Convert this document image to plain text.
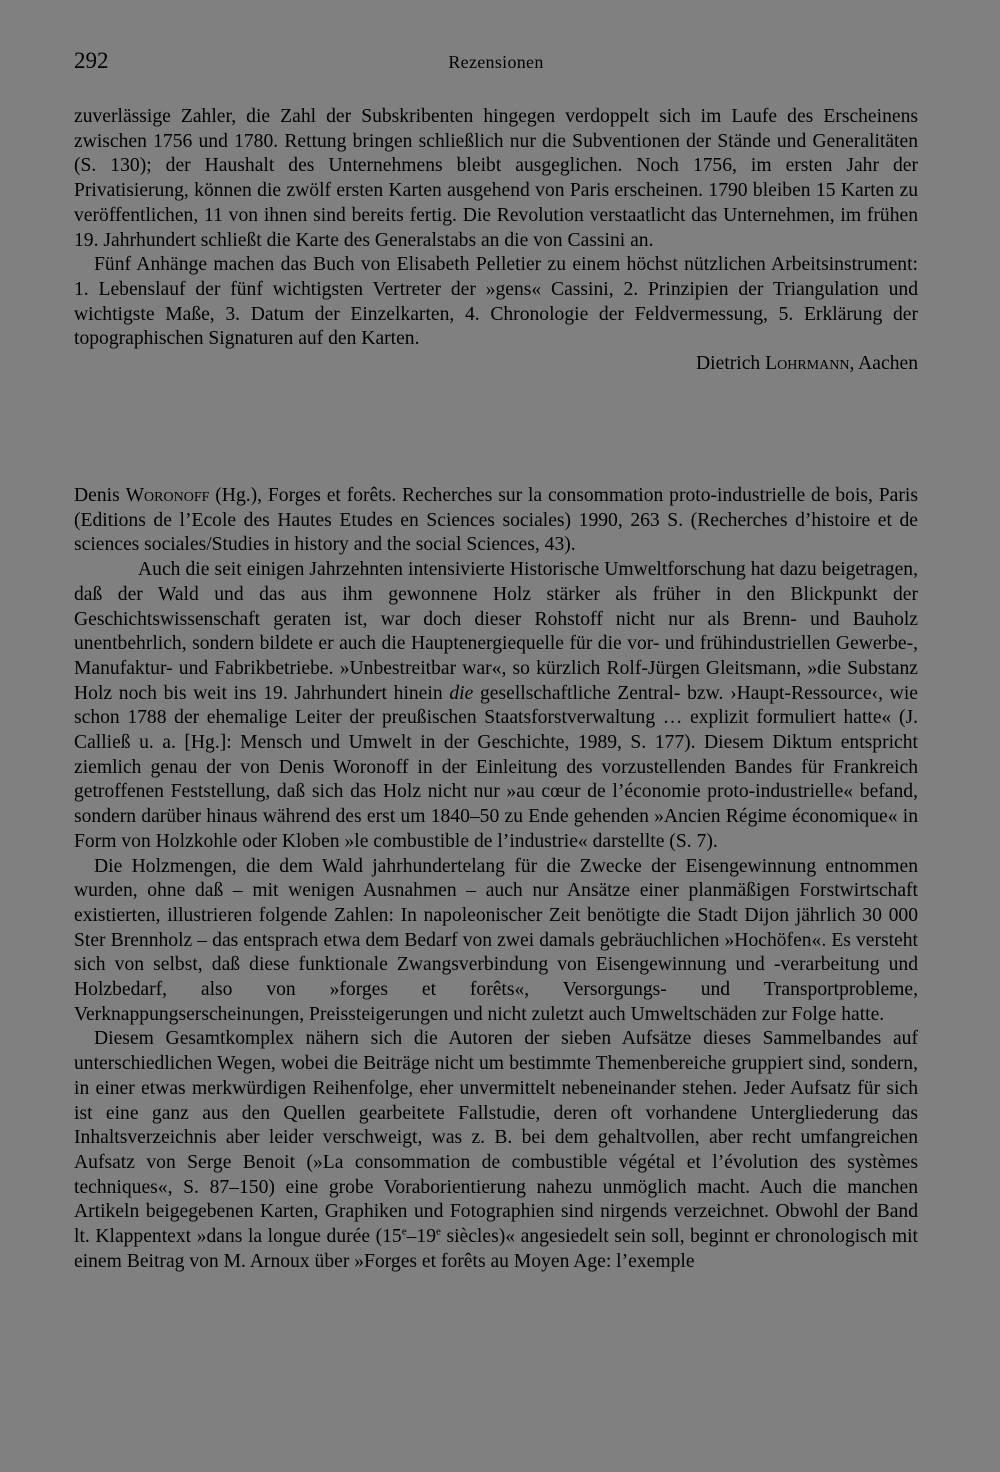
292	Rezensionen

zuverlässige Zahler, die Zahl der Subskribenten hingegen verdoppelt sich im Laufe des Erscheinens zwischen 1756 und 1780. Rettung bringen schließlich nur die Subventionen der Stände und Generalitäten (S. 130); der Haushalt des Unternehmens bleibt ausgeglichen. Noch 1756, im ersten Jahr der Privatisierung, können die zwölf ersten Karten ausgehend von Paris erscheinen. 1790 bleiben 15 Karten zu veröffentlichen, 11 von ihnen sind bereits fertig. Die Revolution verstaatlicht das Unternehmen, im frühen 19. Jahrhundert schließt die Karte des Generalstabs an die von Cassini an.

Fünf Anhänge machen das Buch von Elisabeth Pelletier zu einem höchst nützlichen Arbeitsinstrument: 1. Lebenslauf der fünf wichtigsten Vertreter der »gens« Cassini, 2. Prinzipien der Triangulation und wichtigste Maße, 3. Datum der Einzelkarten, 4. Chronologie der Feldvermessung, 5. Erklärung der topographischen Signaturen auf den Karten.

Dietrich Lohrmann, Aachen

Denis Woronoff (Hg.), Forges et forêts. Recherches sur la consommation proto-industrielle de bois, Paris (Editions de l’Ecole des Hautes Etudes en Sciences sociales) 1990, 263 S. (Recherches d’histoire et de sciences sociales/Studies in history and the social Sciences, 43).

Auch die seit einigen Jahrzehnten intensivierte Historische Umweltforschung hat dazu beigetragen, daß der Wald und das aus ihm gewonnene Holz stärker als früher in den Blickpunkt der Geschichtswissenschaft geraten ist, war doch dieser Rohstoff nicht nur als Brenn- und Bauholz unentbehrlich, sondern bildete er auch die Hauptenergiequelle für die vor- und frühindustriellen Gewerbe-, Manufaktur- und Fabrikbetriebe. »Unbestreitbar war«, so kürzlich Rolf-Jürgen Gleitsmann, »die Substanz Holz noch bis weit ins 19. Jahrhundert hinein die gesellschaftliche Zentral- bzw. ›Haupt-Ressource‹, wie schon 1788 der ehemalige Leiter der preußischen Staatsforstverwaltung … explizit formuliert hatte« (J. Calließ u. a. [Hg.]: Mensch und Umwelt in der Geschichte, 1989, S. 177). Diesem Diktum entspricht ziemlich genau der von Denis Woronoff in der Einleitung des vorzustellenden Bandes für Frankreich getroffenen Feststellung, daß sich das Holz nicht nur »au cœur de l’économie proto-industrielle« befand, sondern darüber hinaus während des erst um 1840–50 zu Ende gehenden »Ancien Régime économique« in Form von Holzkohle oder Kloben »le combustible de l’industrie« darstellte (S. 7).

Die Holzmengen, die dem Wald jahrhundertelang für die Zwecke der Eisengewinnung entnommen wurden, ohne daß – mit wenigen Ausnahmen – auch nur Ansätze einer planmäßigen Forstwirtschaft existierten, illustrieren folgende Zahlen: In napoleonischer Zeit benötigte die Stadt Dijon jährlich 30 000 Ster Brennholz – das entsprach etwa dem Bedarf von zwei damals gebräuchlichen »Hochöfen«. Es versteht sich von selbst, daß diese funktionale Zwangsverbindung von Eisengewinnung und -verarbeitung und Holzbedarf, also von »forges et forêts«, Versorgungs- und Transportprobleme, Verknappungserscheinungen, Preissteigerungen und nicht zuletzt auch Umweltschäden zur Folge hatte.

Diesem Gesamtkomplex nähern sich die Autoren der sieben Aufsätze dieses Sammelbandes auf unterschiedlichen Wegen, wobei die Beiträge nicht um bestimmte Themenbereiche gruppiert sind, sondern, in einer etwas merkwürdigen Reihenfolge, eher unvermittelt nebeneinander stehen. Jeder Aufsatz für sich ist eine ganz aus den Quellen gearbeitete Fallstudie, deren oft vorhandene Untergliederung das Inhaltsverzeichnis aber leider verschweigt, was z. B. bei dem gehaltvollen, aber recht umfangreichen Aufsatz von Serge Benoit (»La consommation de combustible végétal et l’évolution des systèmes techniques«, S. 87–150) eine grobe Voraborientierung nahezu unmöglich macht. Auch die manchen Artikeln beigegebenen Karten, Graphiken und Fotographien sind nirgends verzeichnet. Obwohl der Band lt. Klappentext »dans la longue durée (15e–19e siècles)« angesiedelt sein soll, beginnt er chronologisch mit einem Beitrag von M. Arnoux über »Forges et forêts au Moyen Age: l’exemple
